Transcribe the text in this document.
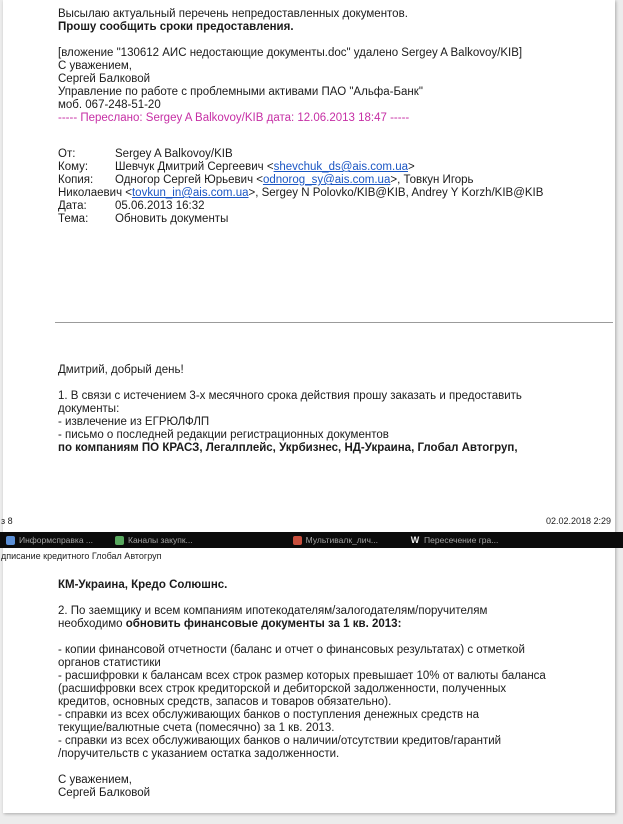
Высылаю актуальный перечень непредоставленных документов.
Прошу сообщить сроки предоставления.
[вложение "130612 АИС недостающие документы.doc" удалено Sergey A Balkovoy/KIB]
С уважением,
Сергей Балковой
Управление по работе с проблемными активами ПАО "Альфа-Банк"
моб. 067-248-51-20
----- Переслано: Sergey A Balkovoy/KIB дата: 12.06.2013 18:47 -----
От:	Sergey A Balkovoy/KIB
Кому: Шевчук Дмитрий Сергеевич <shevchuk_ds@ais.com.ua>
Копия: Одногор Сергей Юрьевич <odnorog_sy@ais.com.ua>, Товкун Игорь
Николаевич <tovkun_in@ais.com.ua>, Sergey N Polovko/KIB@KIB, Andrey Y Korzh/KIB@KIB
Дата: 05.06.2013 16:32
Тема: Обновить документы
Дмитрий, добрый день!
1. В связи с истечением 3-х месячного срока действия прошу заказать и предоставить
документы:
- извлечение из ЕГРЮЛФЛП
- письмо о последней редакции регистрационных документов
по компаниям ПО КРАСЗ, Легалплейс, Укрбизнес, НД-Украина, Глобал Автогруп,
з 8	02.02.2018 2:29
Информсправка ...	Каналы закупк...	Мультивалк_лич...	W Пересечение гра...
дписание кредитного Глобал Автогруп
КМ-Украина, Кредо Солюшнс.
2. По заемщику и всем компаниям ипотекодателям/залогодателям/поручителям
необходимо обновить финансовые документы за 1 кв. 2013:
- копии финансовой отчетности (баланс и отчет о финансовых результатах) с отметкой
органов статистики
- расшифровки к балансам всех строк размер которых превышает 10% от валюты баланса
(расшифровки всех строк кредиторской и дебиторской задолженности, полученных
кредитов, основных средств, запасов и товаров обязательно).
- справки из всех обслуживающих банков о поступления денежных средств на
текущие/валютные счета (помесячно) за 1 кв. 2013.
- справки из всех обслуживающих банков о наличии/отсутствии кредитов/гарантий
/поручительств с указанием остатка задолженности.
С уважением,
Сергей Балковой
